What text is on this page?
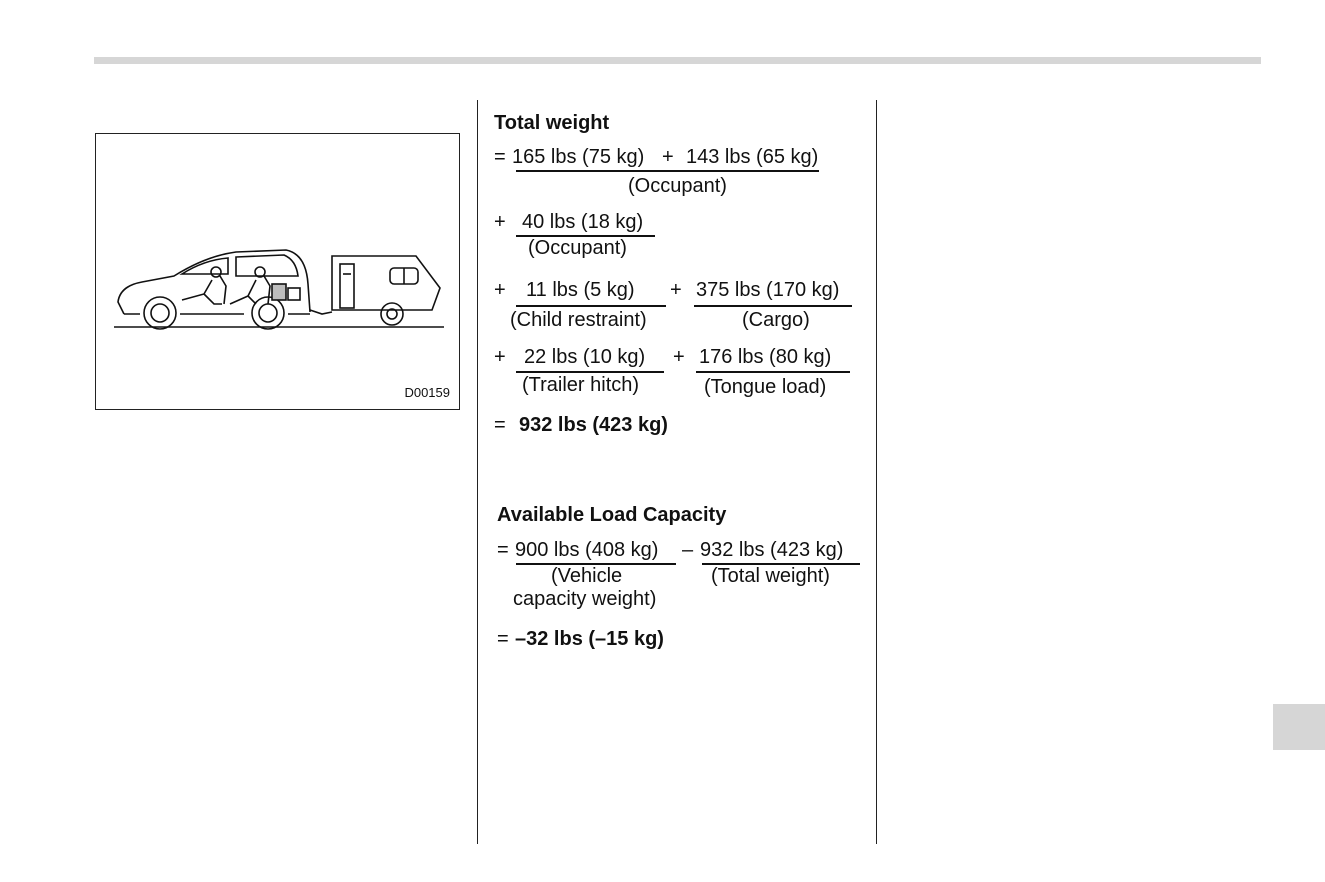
D00159
Total weight
= 165 lbs (75 kg) + 143 lbs (65 kg)
(Occupant)
+ 40 lbs (18 kg)
(Occupant)
+ 11 lbs (5 kg)
(Child restraint)
+ 375 lbs (170 kg)
(Cargo)
+ 22 lbs (10 kg)
(Trailer hitch)
+ 176 lbs (80 kg)
(Tongue load)
= 932 lbs (423 kg)
Available Load Capacity
= 900 lbs (408 kg) – 932 lbs (423 kg)
(Vehicle
capacity weight)
(Total weight)
= –32 lbs (–15 kg)
